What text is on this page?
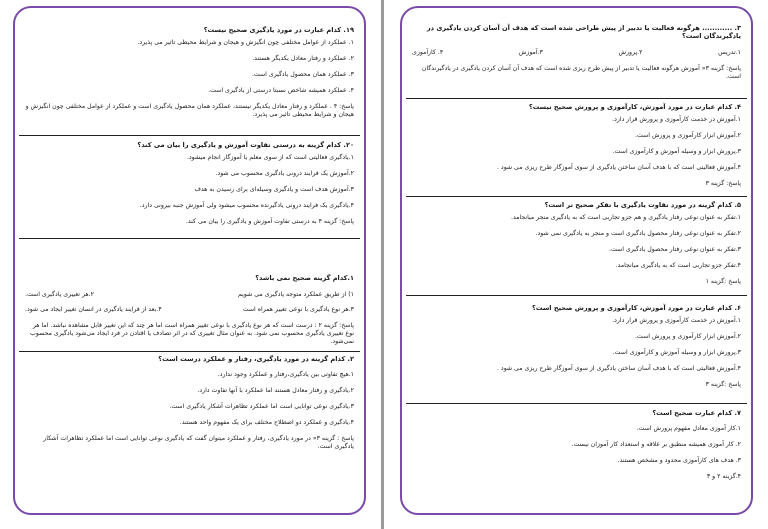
۱۹. کدام عبارت در مورد یادگیری صحیح نیست؟
۱. عملکرد از عوامل مختلفی چون انگیزش و هیجان و شرایط محیطی تاثیر می پذیرد.
۲. عملکرد و رفتار معادل یکدیگر هستند.
۳. عملکرد همان محصول یادگیری است.
۴. عملکرد همیشه شاخص نسبتا درستی از یادگیری است.
پاسخ: ۴ . عملکرد و رفتار معادل یکدیگر نیستند، عملکرد همان محصول یادگیری است و عملکرد از عوامل مختلفی چون انگیزش و هیجان و شرایط محیطی تاثیر می پذیرد.
۲۰. کدام گزینه به درستی تفاوت آموزش و یادگیری را بیان می کند؟
۱.یادگیری فعالیتی است که از سوی معلم یا آموزگار انجام میشود.
۲.آموزش یک فرایند درونی یادگیری محسوب می شود.
۳.آموزش هدف است و یادگیری وسیله‌ای برای رسیدن به هدف
۴.یادگیری یک فرایند درونی یادگیرنده محسوب میشود ولی آموزش جنبه بیرونی دارد.
پاسخ: گزینه ۴ به درستی تفاوت آموزش و یادگیری را بیان می کند.
۱.کدام گزینه صحیح نمی باشد؟
۱) از طریق عملکرد متوجه یادگیری می شویم
۲.هر تغییری یادگیری است.
۳.هر نوع یادگیری با نوعی تغییر همراه است
۴.بعد از فرایند یادگیری در انسان تغییر ایجاد می شود.
پاسخ: گزینه ۲ : درست است که هر نوع یادگیری با نوعی تغییر همراه است اما هر چند که این تغییر قابل مشاهده نباشد. اما هر نوع تغییری یادگیری محسوب نمی شود. به عنوان مثال تغییری که در اثر تصادف یا اقتادن در فرد ایجاد می‌شود یادگیری محسوب نمی‌شود.
۲. کدام گزینه در مورد یادگیری، رفتار و عملکرد درست است؟
۱.هیچ تفاوتی بین یادگیری،رفتار و عملکرد وجود ندارد.
۲.یادگیری و رفتار معادل هستند اما عملکرد با آنها تفاوت دارد.
۳.یادگیری نوعی توانایی است اما عملکرد تظاهرات آشکار یادگیری است.
۴.یادگیری و عملکرد دو اصطلاح مختلف برای یک مفهوم واحد هستند.
پاسخ : گزینه ۳« در مورد یادگیری، رفتار و عملکرد میتوان گفت که یادگیری نوعی توانایی است اما عملکرد تظاهرات آشکار یادگیری است.
۳. ............ هرگونه فعالیت یا تدبیر از پیش طراحی شده است که هدف آن آسان کردن یادگیری در یادگیرندگان است؟
۱.تدریس
۲.پرورش
۳.آموزش
۴. کارآموزی
پاسخ: گزینه ۳« آموزش هرگونه فعالیت یا تدبیر از پیش طرح ریزی شده است که هدف آن آسان کردن یادگیری در یادگیرندگان است.
۴. کدام عبارت در مورد آموزش، کارآموزی و پرورش صحیح نیست؟
۱.آموزش در خدمت کارآموزی و پرورش قرار دارد.
۲.آموزش ابزار کارآموزی و پرورش است.
۳.پرورش ابزار و وسیله آموزش و کارآموزی است.
۴.آموزش فعالیتی است که با هدف آسان ساختن یادگیری از سوی آموزگار طرح ریزی می شود .
پاسخ: گزینه ۳
۵. کدام گزینه در مورد تفاوت یادگیری با تفکر صحیح تر است؟
۱.تفکر به عنوان نوعی رفتار یادگیری و هم جزو تجاربی است که به یادگیری منجر میانجامد.
۲.تفکر به عنوان نوعی رفتار محصول یادگیری است و منجر به یادگیری نمی شود.
۳.تفکر به عنوان نوعی رفتار محصول یادگیری است.
۴.تفکر جزو تجاربی است که به یادگیری میانجامد.
پاسخ :گزینه ۱
۶. کدام عبارت در مورد آموزش، کارآموزی و پرورش صحیح است؟
۱.آموزش در خدمت کارآموزی و پرورش قرار دارد.
۲.آموزش ابزار کارآموزی و پرورش است.
۳.پرورش ابزار و وسیله آموزش و کارآموزی است.
۴.آموزش فعالیتی است که با هدف آسان ساختن یادگیری از سوی آموزگار طرح ریزی می شود .
پاسخ :گزینه ۳
۷. کدام عبارت صحیح است؟
۱.کار آموزی معادل مفهوم پرورش است.
۲. کار آموزی همیشه منطبق بر علاقه و استعداد کار آموزان نیست.
۳. هدف های کارآموزی محدود و مشخص هستند.
۴.گزینه ۲ و ۳
